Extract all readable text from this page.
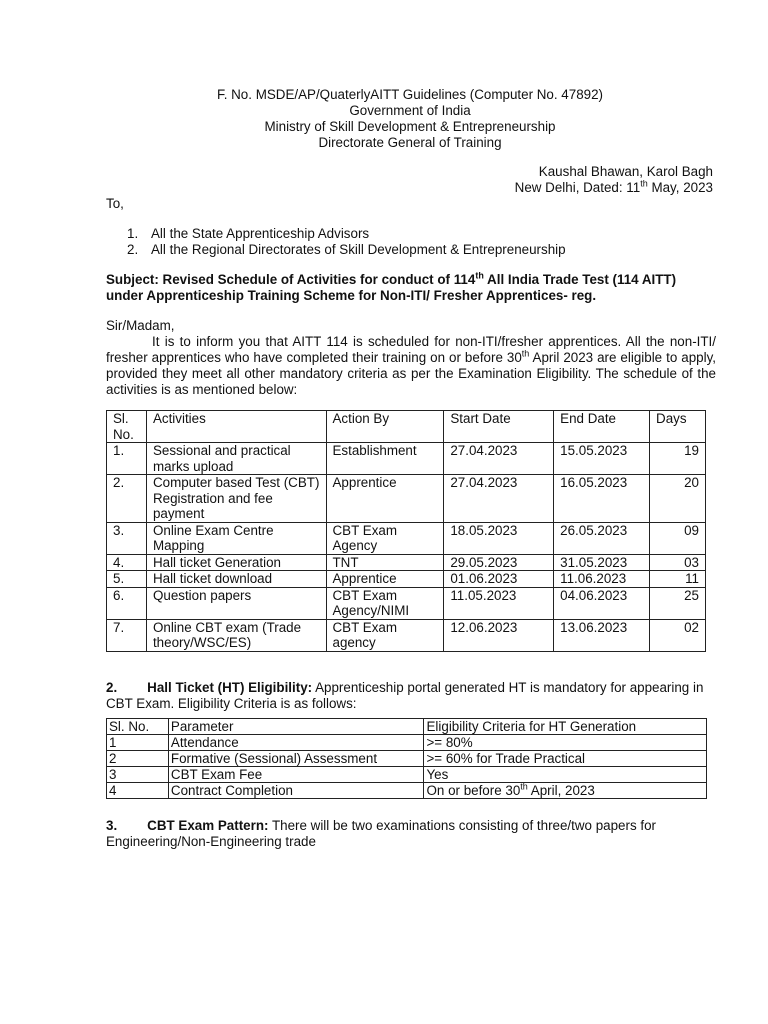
F. No. MSDE/AP/QuaterlyAITT Guidelines (Computer No. 47892)
Government of India
Ministry of Skill Development & Entrepreneurship
Directorate General of Training
Kaushal Bhawan, Karol Bagh
New Delhi, Dated: 11th May, 2023
To,
1. All the State Apprenticeship Advisors
2. All the Regional Directorates of Skill Development & Entrepreneurship
Subject: Revised Schedule of Activities for conduct of 114th All India Trade Test (114 AITT) under Apprenticeship Training Scheme for Non-ITI/ Fresher Apprentices- reg.
Sir/Madam,
It is to inform you that AITT 114 is scheduled for non-ITI/fresher apprentices. All the non-ITI/ fresher apprentices who have completed their training on or before 30th April 2023 are eligible to apply, provided they meet all other mandatory criteria as per the Examination Eligibility. The schedule of the activities is as mentioned below:
Sl. No.	Activities	Action By	Start Date	End Date	Days
1.	Sessional and practical marks upload	Establishment	27.04.2023	15.05.2023	19
2.	Computer based Test (CBT) Registration and fee payment	Apprentice	27.04.2023	16.05.2023	20
3.	Online Exam Centre Mapping	CBT Exam Agency	18.05.2023	26.05.2023	09
4.	Hall ticket Generation	TNT	29.05.2023	31.05.2023	03
5.	Hall ticket download	Apprentice	01.06.2023	11.06.2023	11
6.	Question papers	CBT Exam Agency/NIMI	11.05.2023	04.06.2023	25
7.	Online CBT exam (Trade theory/WSC/ES)	CBT Exam agency	12.06.2023	13.06.2023	02
2. Hall Ticket (HT) Eligibility: Apprenticeship portal generated HT is mandatory for appearing in CBT Exam. Eligibility Criteria is as follows:
Sl. No.	Parameter	Eligibility Criteria for HT Generation
1	Attendance	>= 80%
2	Formative (Sessional) Assessment	>= 60% for Trade Practical
3	CBT Exam Fee	Yes
4	Contract Completion	On or before 30th April, 2023
3. CBT Exam Pattern: There will be two examinations consisting of three/two papers for Engineering/Non-Engineering trade
